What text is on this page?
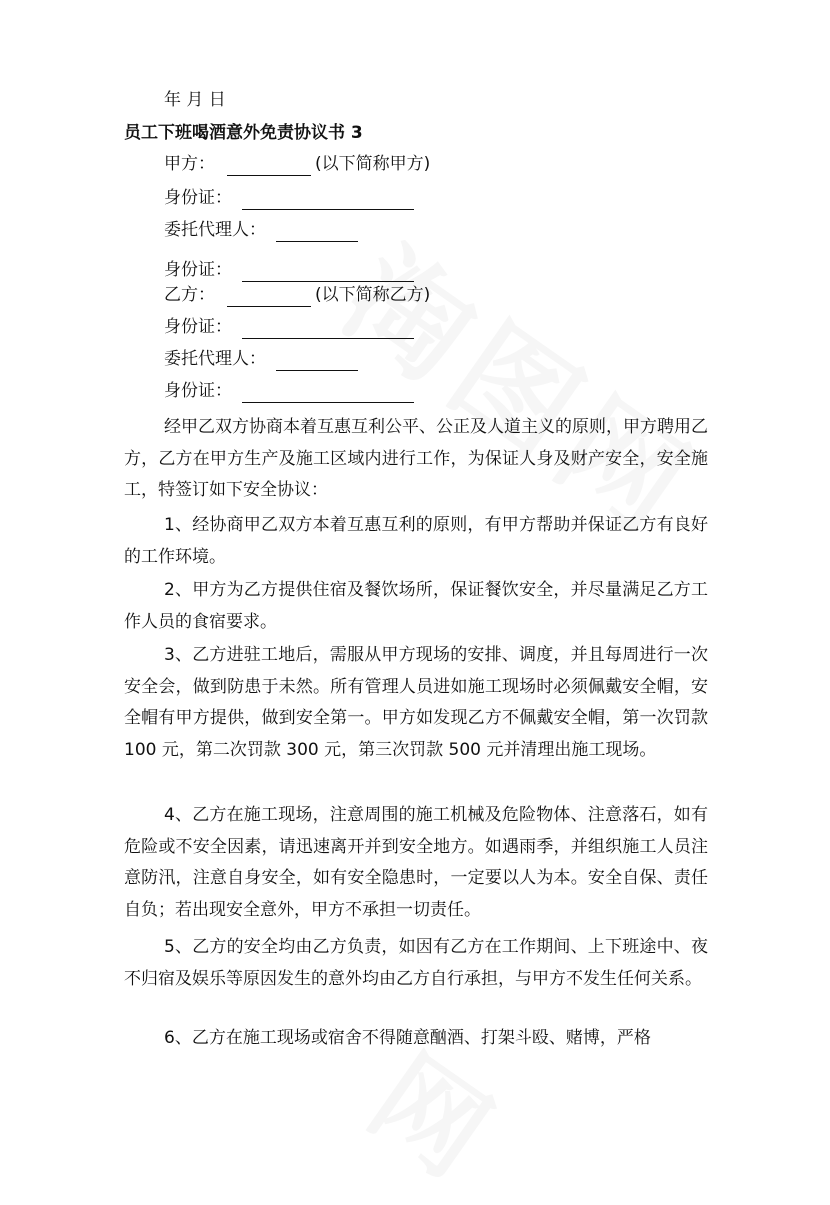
年 月 日
员工下班喝酒意外免责协议书 3
甲方：	(以下简称甲方)
身份证：
委托代理人：
身份证：
乙方：	(以下简称乙方)
身份证：
委托代理人：
身份证：
经甲乙双方协商本着互惠互利公平、公正及人道主义的原则，甲方聘用乙方，乙方在甲方生产及施工区域内进行工作，为保证人身及财产安全，安全施工，特签订如下安全协议：
1、经协商甲乙双方本着互惠互利的原则，有甲方帮助并保证乙方有良好的工作环境。
2、甲方为乙方提供住宿及餐饮场所，保证餐饮安全，并尽量满足乙方工作人员的食宿要求。
3、乙方进驻工地后，需服从甲方现场的安排、调度，并且每周进行一次安全会，做到防患于未然。所有管理人员进如施工现场时必须佩戴安全帽，安全帽有甲方提供，做到安全第一。甲方如发现乙方不佩戴安全帽，第一次罚款 100 元，第二次罚款 300 元，第三次罚款 500 元并清理出施工现场。
4、乙方在施工现场，注意周围的施工机械及危险物体、注意落石，如有危险或不安全因素，请迅速离开并到安全地方。如遇雨季，并组织施工人员注意防汛，注意自身安全，如有安全隐患时，一定要以人为本。安全自保、责任自负；若出现安全意外，甲方不承担一切责任。
5、乙方的安全均由乙方负责，如因有乙方在工作期间、上下班途中、夜不归宿及娱乐等原因发生的意外均由乙方自行承担，与甲方不发生任何关系。
6、乙方在施工现场或宿舍不得随意酗酒、打架斗殴、赌博，严格
